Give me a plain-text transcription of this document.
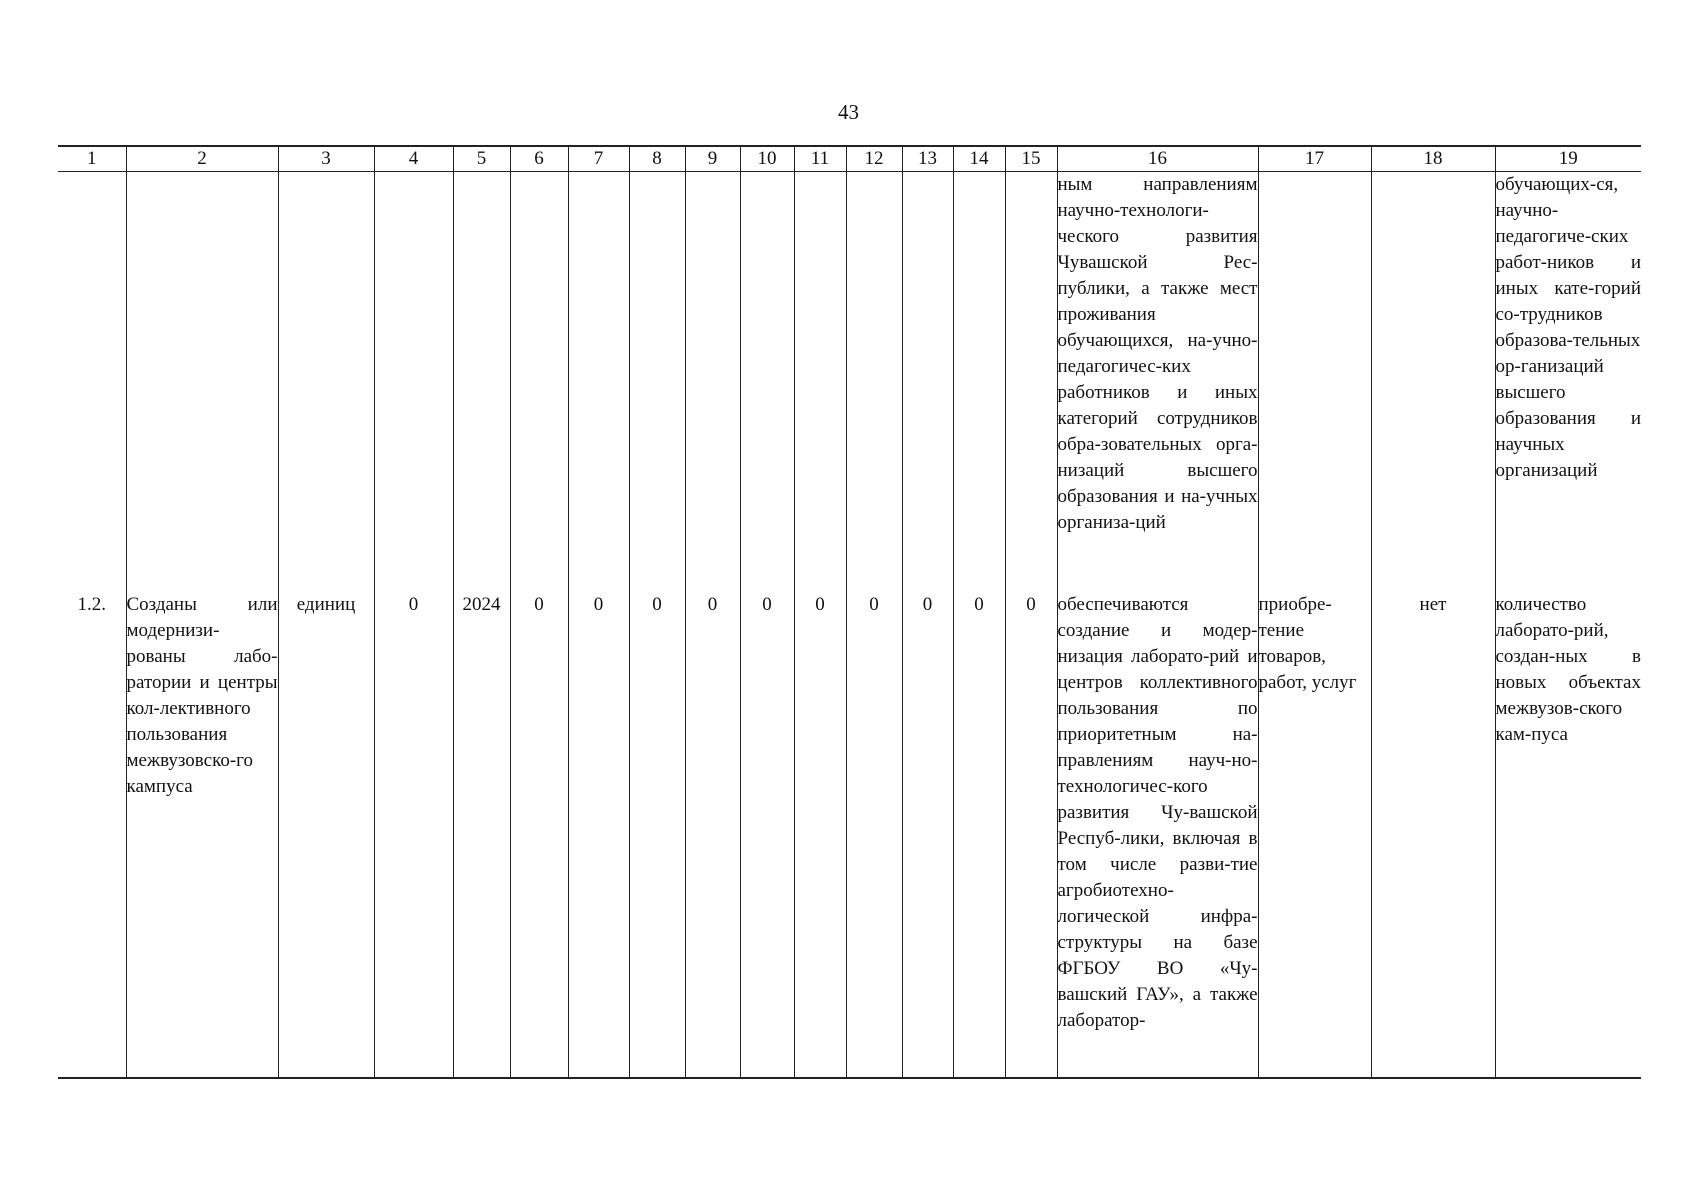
43
1	2	3	4	5	6	7	8	9	10	11	12	13	14	15	16	17	18	19
															ным направлениям научно-технологи-ческого развития Чувашской Рес-публики, а также мест проживания обучающихся, на-учно-педагогичес-ких работников и иных категорий сотрудников обра-зовательных орга-низаций высшего образования и на-учных организа-ций			обучающих-ся, научно-педагогиче-ских работ-ников и иных кате-горий со-трудников образова-тельных ор-ганизаций высшего образования и научных организаций
1.2.	Созданы или модернизи-рованы лабо-ратории и центры кол-лективного пользования межвузовско-го кампуса	единиц	0	2024	0	0	0	0	0	0	0	0	0	0	обеспечиваются создание и модер-низация лаборато-рий и центров коллективного пользования по приоритетным на-правлениям науч-но-технологичес-кого развития Чу-вашской Респуб-лики, включая в том числе разви-тие агробиотехно-логической инфра-структуры на базе ФГБОУ ВО «Чу-вашский ГАУ», а также лаборатор-	приобре-тение товаров, работ, услуг	нет	количество лаборато-рий, создан-ных в новых объектах межвузов-ского кам-пуса
